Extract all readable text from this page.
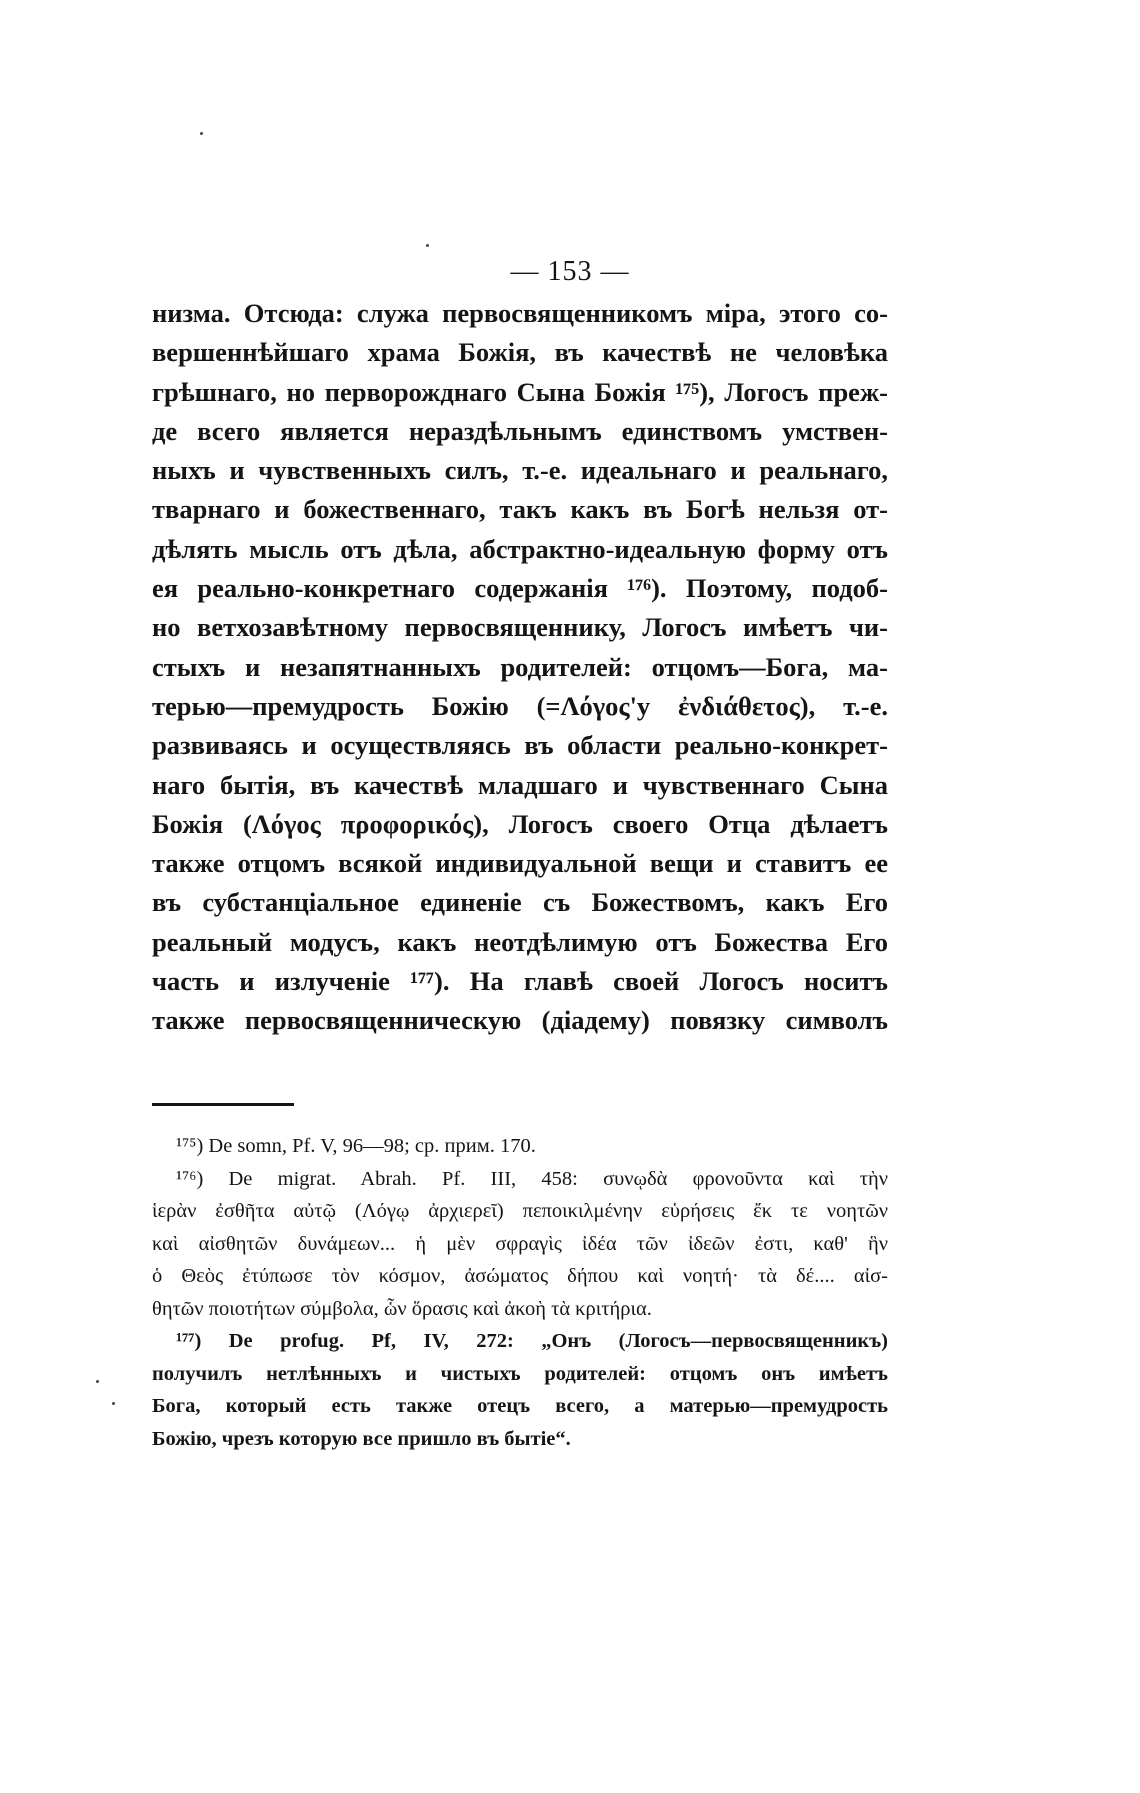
— 153 —
низма. Отсюда: служа первосвященникомъ міра, этого со-
вершеннѣйшаго храма Божія, въ качествѣ не человѣка
грѣшнаго, но перворожднаго Сына Божія ¹⁷⁵), Логосъ преж-
де всего является нераздѣльнымъ единствомъ умствен-
ныхъ и чувственныхъ силъ, т.-е. идеальнаго и реальнаго,
тварнаго и божественнаго, такъ какъ въ Богѣ нельзя от-
дѣлять мысль отъ дѣла, абстрактно-идеальную форму отъ
ея реально-конкретнаго содержанія ¹⁷⁶). Поэтому, подоб-
но ветхозавѣтному первосвященнику, Логосъ имѣетъ чи-
стыхъ и незапятнанныхъ родителей: отцомъ—Бога, ма-
терью—премудрость Божію (=Λόγος'у ἐνδιάθετος), т.-е.
развиваясь и осуществляясь въ области реально-конкрет-
наго бытія, въ качествѣ младшаго и чувственнаго Сына
Божія (Λόγος προφορικός), Логосъ своего Отца дѣлаетъ
также отцомъ всякой индивидуальной вещи и ставитъ ее
въ субстанціальное единеніе съ Божествомъ, какъ Его
реальный модусъ, какъ неотдѣлимую отъ Божества Его
часть и излученіе ¹⁷⁷). На главѣ своей Логосъ носитъ
также первосвященническую (діадему) повязку символъ
¹⁷⁵) De somn, Pf. V, 96—98; ср. прим. 170.
¹⁷⁶) De migrat. Abrah. Pf. III, 458: συνῳδὰ φρονοῦντα καὶ τὴν
ἱερὰν ἐσθῆτα αὐτῷ (Λόγῳ ἀρχιερεῖ) πεποικιλμένην εὑρήσεις ἔκ τε νοητῶν
καὶ αἰσθητῶν δυνάμεων... ἡ μὲν σφραγὶς ἰδέα τῶν ἰδεῶν ἐστι, καθ' ἣν
ὁ Θεὸς ἐτύπωσε τὸν κόσμον, ἀσώματος δήπου καὶ νοητή· τὰ δέ.... αἰσ-
θητῶν ποιοτήτων σύμβολα, ὧν ὅρασις καὶ ἀκοὴ τὰ κριτήρια.
¹⁷⁷) De profug. Pf, IV, 272: „Онъ (Логосъ—первосвященникъ)
получилъ нетлѣнныхъ и чистыхъ родителей: отцомъ онъ имѣетъ
Бога, который есть также отецъ всего, а матерью—премудрость
Божію, чрезъ которую все пришло въ бытіе“.
